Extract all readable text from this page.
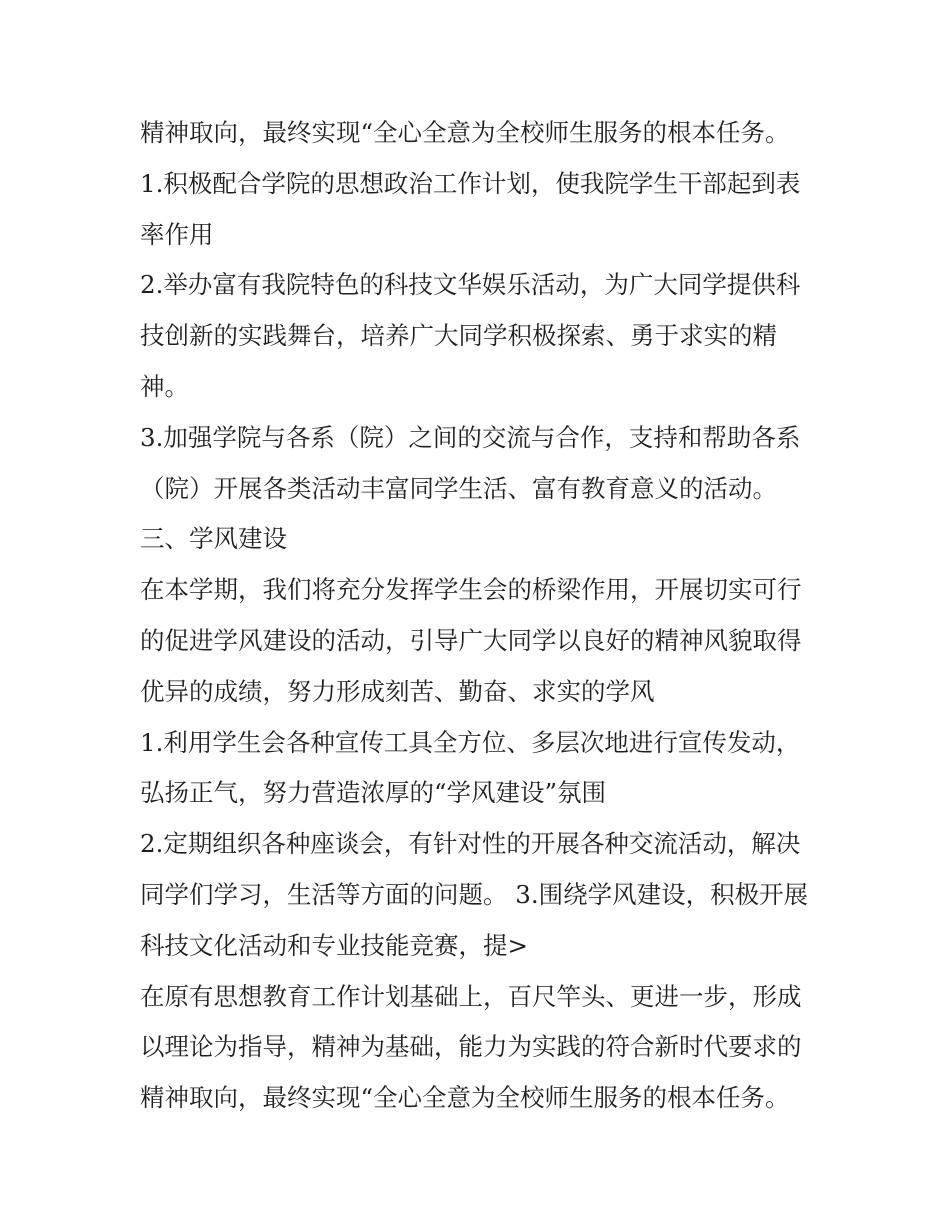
精神取向，最终实现“全心全意为全校师生服务的根本任务。
1.积极配合学院的思想政治工作计划，使我院学生干部起到表
率作用
2.举办富有我院特色的科技文华娱乐活动，为广大同学提供科
技创新的实践舞台，培养广大同学积极探索、勇于求实的精
神。
3.加强学院与各系（院）之间的交流与合作，支持和帮助各系
（院）开展各类活动丰富同学生活、富有教育意义的活动。
三、学风建设
在本学期，我们将充分发挥学生会的桥梁作用，开展切实可行
的促进学风建设的活动，引导广大同学以良好的精神风貌取得
优异的成绩，努力形成刻苦、勤奋、求实的学风
1.利用学生会各种宣传工具全方位、多层次地进行宣传发动，
弘扬正气，努力营造浓厚的“学风建设”氛围
2.定期组织各种座谈会，有针对性的开展各种交流活动，解决
同学们学习，生活等方面的问题。 3.围绕学风建设，积极开展
科技文化活动和专业技能竞赛，提>
在原有思想教育工作计划基础上，百尺竿头、更进一步，形成
以理论为指导，精神为基础，能力为实践的符合新时代要求的
精神取向，最终实现“全心全意为全校师生服务的根本任务。
